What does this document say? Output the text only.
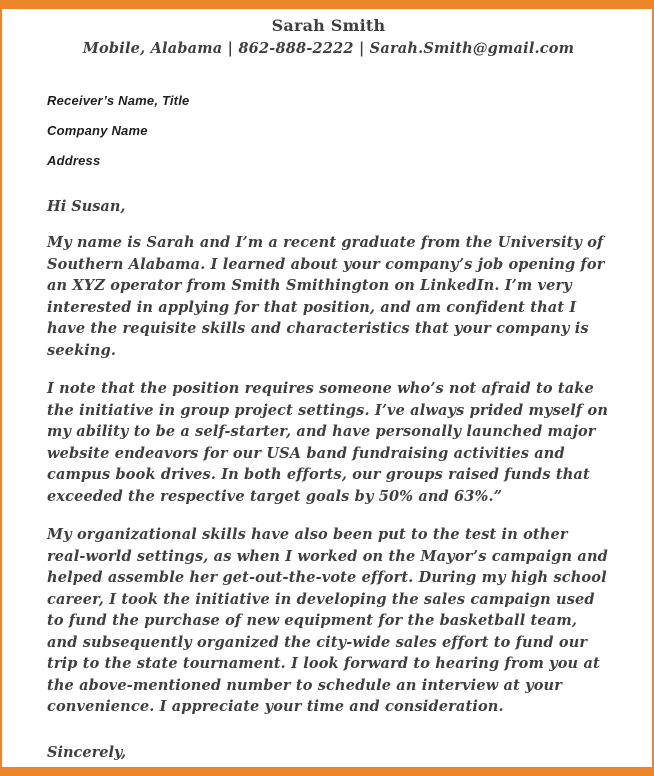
Sarah Smith
Mobile, Alabama | 862-888-2222 | Sarah.Smith@gmail.com

Receiver’s Name, Title

Company Name

Address

Hi Susan,

My name is Sarah and I’m a recent graduate from the University of Southern Alabama. I learned about your company’s job opening for an XYZ operator from Smith Smithington on LinkedIn. I’m very interested in applying for that position, and am confident that I have the requisite skills and characteristics that your company is seeking.

I note that the position requires someone who’s not afraid to take the initiative in group project settings. I’ve always prided myself on my ability to be a self-starter, and have personally launched major website endeavors for our USA band fundraising activities and campus book drives. In both efforts, our groups raised funds that exceeded the respective target goals by 50% and 63%.”

My organizational skills have also been put to the test in other real-world settings, as when I worked on the Mayor’s campaign and helped assemble her get-out-the-vote effort. During my high school career, I took the initiative in developing the sales campaign used to fund the purchase of new equipment for the basketball team, and subsequently organized the city-wide sales effort to fund our trip to the state tournament. I look forward to hearing from you at the above-mentioned number to schedule an interview at your convenience. I appreciate your time and consideration.

Sincerely,
